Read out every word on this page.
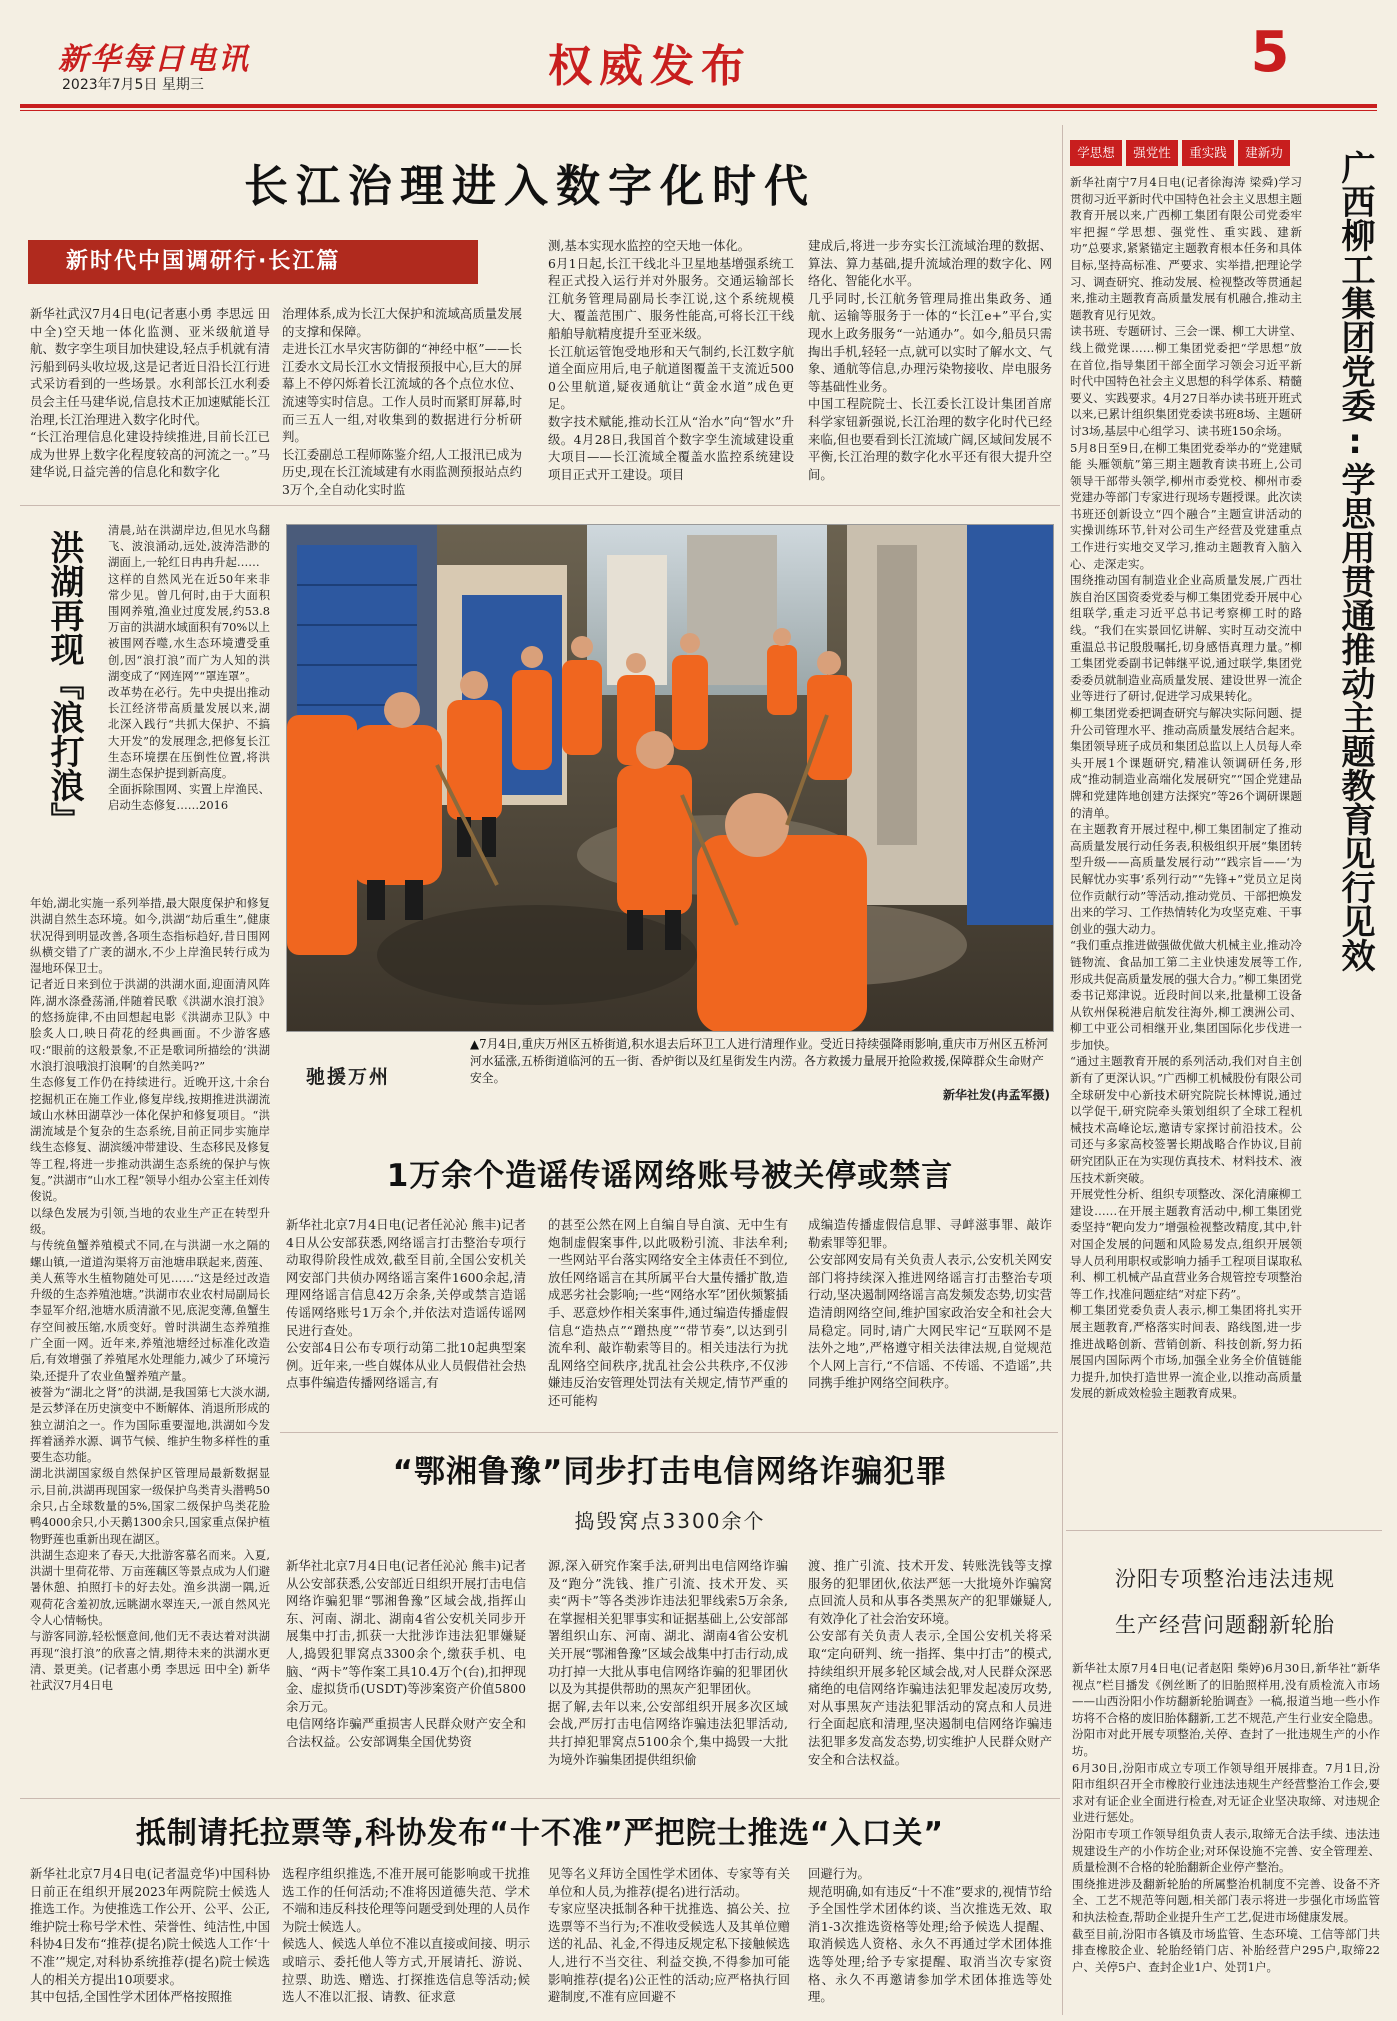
新华每日电讯
2023年7月5日 星期三	权威发布	5
长江治理进入数字化时代
新时代中国调研行·长江篇
新华社武汉7月4日电(记者惠小勇 李思远 田中全)空天地一体化监测、亚米级航道导航、数字孪生项目加快建设,轻点手机就有清污船到码头收垃圾,这是记者近日沿长江行进式采访看到的一些场景。水利部长江水利委员会主任马建华说,信息技术正加速赋能长江治理,长江治理进入数字化时代。
“长江治理信息化建设持续推进,目前长江已成为世界上数字化程度较高的河流之一。”马建华说,日益完善的信息化和数字化
治理体系,成为长江大保护和流域高质量发展的支撑和保障。
走进长江水旱灾害防御的“神经中枢”——长江委水文局长江水文情报预报中心,巨大的屏幕上不停闪烁着长江流域的各个点位水位、流速等实时信息。工作人员时而紧盯屏幕,时而三五人一组,对收集到的数据进行分析研判。
长江委副总工程师陈鉴介绍,人工报汛已成为历史,现在长江流域建有水雨监测预报站点约3万个,全自动化实时监
测,基本实现水监控的空天地一体化。
6月1日起,长江干线北斗卫星地基增强系统工程正式投入运行并对外服务。交通运输部长江航务管理局副局长李江说,这个系统规模大、覆盖范围广、服务性能高,可将长江干线船舶导航精度提升至亚米级。
长江航运管饱受地形和天气制约,长江数字航道全面应用后,电子航道图覆盖干支流近5000公里航道,疑夜通航让“黄金水道”成色更足。
数字技术赋能,推动长江从“治水”向“智水”升级。4月28日,我国首个数字孪生流域建设重大项目——长江流域全覆盖水监控系统建设项目正式开工建设。项目
建成后,将进一步夯实长江流域治理的数据、算法、算力基础,提升流域治理的数字化、网络化、智能化水平。
几乎同时,长江航务管理局推出集政务、通航、运输等服务于一体的“长江e+”平台,实现水上政务服务“一站通办”。如今,船员只需掏出手机,轻轻一点,就可以实时了解水文、气象、通航等信息,办理污染物接收、岸电服务等基础性业务。
中国工程院院士、长江委长江设计集团首席科学家钮新强说,长江治理的数字化时代已经来临,但也要看到长江流域广阔,区域间发展不平衡,长江治理的数字化水平还有很大提升空间。
洪湖再现『浪打浪』	清晨,站在洪湖岸边,但见水鸟翻飞、波浪涌动,远处,波涛浩渺的湖面上,一轮红日冉冉升起……
这样的自然风光在近50年来非常少见。曾几何时,由于大面积围网养殖,渔业过度发展,约53.8万亩的洪湖水域面积有70%以上被围网吞噬,水生态环境遭受重创,因“浪打浪”而广为人知的洪湖变成了“网连网”“罩连罩”。
改革势在必行。先中央提出推动长江经济带高质量发展以来,湖北深入践行“共抓大保护、不搞大开发”的发展理念,把修复长江生态环境摆在压倒性位置,将洪湖生态保护提到新高度。
全面拆除围网、实置上岸渔民、启动生态修复……2016
年始,湖北实施一系列举措,最大限度保护和修复洪湖自然生态环境。如今,洪湖“劫后重生”,健康状况得到明显改善,各项生态指标趋好,昔日围网纵横交错了广袤的湖水,不少上岸渔民转行成为湿地环保卫士。
记者近日来到位于洪湖的洪湖水面,迎面清风阵阵,湖水涤叠荡涌,伴随着民歌《洪湖水浪打浪》的悠扬旋律,不由回想起电影《洪湖赤卫队》中脍炙人口,映日荷花的经典画面。不少游客感叹:“眼前的这般景象,不正是歌词所描绘的‘洪湖水浪打浪哦浪打浪啊’的自然美吗?”
生态修复工作仍在持续进行。近晚开这,十余台挖掘机正在施工作业,修复岸线,按期推进洪湖流域山水林田湖草沙一体化保护和修复项目。“洪湖流域是个复杂的生态系统,目前正同步实施岸线生态修复、湖滨缓冲带建设、生态移民及修复等工程,将进一步推动洪湖生态系统的保护与恢复。”洪湖市“山水工程”领导小组办公室主任刘传俊说。
以绿色发展为引领,当地的农业生产正在转型升级。
与传统鱼蟹养殖模式不同,在与洪湖一水之隔的螺山镇,一道道沟渠将万亩池塘串联起来,茵莲、美人蕉等水生植物随处可见……“这是经过改造升级的生态养殖池塘。”洪湖市农业农村局副局长李显军介绍,池塘水质清澈不见,底泥变薄,鱼蟹生存空间被压缩,水质变好。曾时洪湖生态养殖推广全面一网。近年来,养殖池塘经过标准化改造后,有效增强了养殖尾水处理能力,减少了环境污染,还提升了农业鱼蟹养殖产量。
被誉为“湖北之肾”的洪湖,是我国第七大淡水湖,是云梦泽在历史演变中不断解体、消退所形成的独立湖泊之一。作为国际重要湿地,洪湖如今发挥着涵养水源、调节气候、维护生物多样性的重要生态功能。
湖北洪湖国家级自然保护区管理局最新数据显示,目前,洪湖再现国家一级保护鸟类青头潜鸭50余只,占全球数量的5%,国家二级保护鸟类花脸鸭4000余只,小天鹅1300余只,国家重点保护植物野莲也重新出现在湖区。
洪湖生态迎来了春天,大批游客慕名而来。入夏,洪湖十里荷花带、万亩莲藕区等景点成为人们避暑休憩、拍照打卡的好去处。渔乡洪湖一隅,近观荷花含羞初放,远眺湖水翠连天,一派自然风光令人心情畅快。
与游客同游,轻松惬意间,他们无不表达着对洪湖再现“浪打浪”的欣喜之情,期待未来的洪湖水更清、景更美。(记者惠小勇 李思远 田中全) 新华社武汉7月4日电
驰援万州
▲7月4日,重庆万州区五桥街道,积水退去后环卫工人进行清理作业。受近日持续强降雨影响,重庆市万州区五桥河河水猛涨,五桥街道临河的五一街、香炉街以及红星街发生内涝。各方救援力量展开抢险救援,保障群众生命财产安全。
新华社发(冉孟军摄)
1万余个造谣传谣网络账号被关停或禁言
新华社北京7月4日电(记者任沁沁 熊丰)记者4日从公安部获悉,网络谣言打击整治专项行动取得阶段性成效,截至目前,全国公安机关网安部门共侦办网络谣言案件1600余起,清理网络谣言信息42万余条,关停或禁言造谣传谣网络账号1万余个,并依法对造谣传谣网民进行查处。
公安部4日公布专项行动第二批10起典型案例。近年来,一些自媒体从业人员假借社会热点事件编造传播网络谣言,有
的甚至公然在网上自编自导自演、无中生有炮制虚假案事件,以此吸粉引流、非法牟利;一些网站平台落实网络安全主体责任不到位,放任网络谣言在其所属平台大量传播扩散,造成恶劣社会影响;一些“网络水军”团伙频繁插手、恶意炒作相关案事件,通过编造传播虚假信息“造热点”“蹭热度”“带节奏”,以达到引流牟利、敲诈勒索等目的。相关违法行为扰乱网络空间秩序,扰乱社会公共秩序,不仅涉嫌违反治安管理处罚法有关规定,情节严重的还可能构
成编造传播虚假信息罪、寻衅滋事罪、敲诈勒索罪等犯罪。
公安部网安局有关负责人表示,公安机关网安部门将持续深入推进网络谣言打击整治专项行动,坚决遏制网络谣言高发频发态势,切实营造清朗网络空间,维护国家政治安全和社会大局稳定。同时,请广大网民牢记“互联网不是法外之地”,严格遵守相关法律法规,自觉规范个人网上言行,“不信谣、不传谣、不造谣”,共同携手维护网络空间秩序。
“鄂湘鲁豫”同步打击电信网络诈骗犯罪
捣毁窝点3300余个
新华社北京7月4日电(记者任沁沁 熊丰)记者从公安部获悉,公安部近日组织开展打击电信网络诈骗犯罪“鄂湘鲁豫”区域会战,指挥山东、河南、湖北、湖南4省公安机关同步开展集中打击,抓获一大批涉诈违法犯罪嫌疑人,捣毁犯罪窝点3300余个,缴获手机、电脑、“两卡”等作案工具10.4万个(台),扣押现金、虚拟货币(USDT)等涉案资产价值5800余万元。
电信网络诈骗严重损害人民群众财产安全和合法权益。公安部调集全国优势资
源,深入研究作案手法,研判出电信网络诈骗及“跑分”洗钱、推广引流、技术开发、买卖“两卡”等各类涉诈违法犯罪线索5万余条,在掌握相关犯罪事实和证据基础上,公安部部署组织山东、河南、湖北、湖南4省公安机关开展“鄂湘鲁豫”区域会战集中打击行动,成功打掉一大批从事电信网络诈骗的犯罪团伙以及为其提供帮助的黑灰产犯罪团伙。
据了解,去年以来,公安部组织开展多次区域会战,严厉打击电信网络诈骗违法犯罪活动,共打掉犯罪窝点5100余个,集中捣毁一大批为境外诈骗集团提供组织偷
渡、推广引流、技术开发、转账洗钱等支撑服务的犯罪团伙,依法严惩一大批境外诈骗窝点回流人员和从事各类黑灰产的犯罪嫌疑人,有效净化了社会治安环境。
公安部有关负责人表示,全国公安机关将采取“定向研判、统一指挥、集中打击”的模式,持续组织开展多轮区域会战,对人民群众深恶痛绝的电信网络诈骗违法犯罪发起凌厉攻势,对从事黑灰产违法犯罪活动的窝点和人员进行全面起底和清理,坚决遏制电信网络诈骗违法犯罪多发高发态势,切实维护人民群众财产安全和合法权益。
抵制请托拉票等,科协发布“十不准”严把院士推选“入口关”
新华社北京7月4日电(记者温竞华)中国科协日前正在组织开展2023年两院院士候选人推选工作。为使推选工作公开、公平、公正,维护院士称号学术性、荣誉性、纯洁性,中国科协4日发布“推荐(提名)院士候选人工作‘十不准’”规定,对科协系统推荐(提名)院士候选人的相关方提出10项要求。
其中包括,全国性学术团体严格按照推
选程序组织推选,不准开展可能影响或干扰推选工作的任何活动;不准将因道德失范、学术不端和违反科技伦理等问题受到处理的人员作为院士候选人。
候选人、候选人单位不准以直接或间接、明示或暗示、委托他人等方式,开展请托、游说、拉票、助选、赠选、打探推选信息等活动;候选人不准以汇报、请教、征求意
见等名义拜访全国性学术团体、专家等有关单位和人员,为推荐(提名)进行活动。
专家应坚决抵制各种干扰推选、搞公关、拉选票等不当行为;不准收受候选人及其单位赠送的礼品、礼金,不得违反规定私下接触候选人,进行不当交往、利益交换,不得参加可能影响推荐(提名)公正性的活动;应严格执行回避制度,不准有应回避不
回避行为。
规范明确,如有违反“十不准”要求的,视情节给予全国性学术团体约谈、当次推选无效、取消1-3次推选资格等处理;给予候选人提醒、取消候选人资格、永久不再通过学术团体推选等处理;给予专家提醒、取消当次专家资格、永久不再邀请参加学术团体推选等处理。
学思想	强党性	重实践	建新功	广西柳工集团党委:学思用贯通推动主题教育见行见效
新华社南宁7月4日电(记者徐海涛 梁舜)学习贯彻习近平新时代中国特色社会主义思想主题教育开展以来,广西柳工集团有限公司党委牢牢把握“学思想、强党性、重实践、建新功”总要求,紧紧锚定主题教育根本任务和具体目标,坚持高标准、严要求、实举措,把理论学习、调查研究、推动发展、检视整改等贯通起来,推动主题教育高质量发展有机融合,推动主题教育见行见效。
读书班、专题研讨、三会一课、柳工大讲堂、线上微党课……柳工集团党委把“学思想”放在首位,指导集团干部全面学习领会习近平新时代中国特色社会主义思想的科学体系、精髓要义、实践要求。4月27日举办读书班开班式以来,已累计组织集团党委读书班8场、主题研讨3场,基层中心组学习、读书班150余场。
5月8日至9日,在柳工集团党委举办的“党建赋能 头雁领航”第三期主题教育读书班上,公司领导干部带头领学,柳州市委党校、柳州市委党建办等部门专家进行现场专题授课。此次读书班还创新设立“四个融合”主题宣讲活动的实操训练环节,针对公司生产经营及党建重点工作进行实地交叉学习,推动主题教育入脑入心、走深走实。
围绕推动国有制造业企业高质量发展,广西壮族自治区国资委党委与柳工集团党委开展中心组联学,重走习近平总书记考察柳工时的路线。“我们在实景回忆讲解、实时互动交流中重温总书记殷殷嘱托,切身感悟真理力量。”柳工集团党委副书记韩继平说,通过联学,集团党委委员就制造业高质量发展、建设世界一流企业等进行了研讨,促进学习成果转化。
柳工集团党委把调查研究与解决实际问题、提升公司管理水平、推动高质量发展结合起来。集团领导班子成员和集团总监以上人员每人牵头开展1个课题研究,精准认领调研任务,形成“推动制造业高端化发展研究”“国企党建品牌和党建阵地创建方法探究”等26个调研课题的清单。
在主题教育开展过程中,柳工集团制定了推动高质量发展行动任务表,积极组织开展“集团转型升级——高质量发展行动”“践宗旨——‘为民解忧办实事’系列行动”“先锋+”党员立足岗位作贡献行动”等活动,推动党员、干部把焕发出来的学习、工作热情转化为攻坚克难、干事创业的强大动力。
“我们重点推进做强做优做大机械主业,推动冷链物流、食品加工第二主业快速发展等工作,形成共促高质量发展的强大合力。”柳工集团党委书记郑津说。近段时间以来,批量柳工设备从钦州保税港启航发往海外,柳工澳洲公司、柳工中亚公司相继开业,集团国际化步伐进一步加快。
“通过主题教育开展的系列活动,我们对自主创新有了更深认识。”广西柳工机械股份有限公司全球研发中心新技术研究院院长林博说,通过以学促干,研究院牵头策划组织了全球工程机械技术高峰论坛,邀请专家探讨前沿技术。公司还与多家高校签署长期战略合作协议,目前研究团队正在为实现仿真技术、材料技术、液压技术新突破。
开展党性分析、组织专项整改、深化清廉柳工建设……在开展主题教育活动中,柳工集团党委坚持“靶向发力”增强检视整改精度,其中,针对国企发展的问题和风险易发点,组织开展领导人员利用职权或影响力插手工程项目谋取私利、柳工机械产品直营业务合规管控专项整治等工作,找准问题症结“对症下药”。
柳工集团党委负责人表示,柳工集团将扎实开展主题教育,严格落实时间表、路线图,进一步推进战略创新、营销创新、科技创新,努力拓展国内国际两个市场,加强全业务全价值链能力提升,加快打造世界一流企业,以推动高质量发展的新成效检验主题教育成果。
汾阳专项整治违法违规
生产经营问题翻新轮胎
新华社太原7月4日电(记者赵阳 柴婷)6月30日,新华社“新华视点”栏目播发《例丝断了的旧胎照样用,没有质检流入市场——山西汾阳小作坊翻新轮胎调查》一稿,报道当地一些小作坊将不合格的废旧胎体翻新,工艺不规范,产生行业安全隐患。汾阳市对此开展专项整治,关停、查封了一批违规生产的小作坊。
6月30日,汾阳市成立专项工作领导组开展排查。7月1日,汾阳市组织召开全市橡胶行业违法违规生产经营整治工作会,要求对有证企业全面进行检查,对无证企业坚决取缔、对违规企业进行惩处。
汾阳市专项工作领导组负责人表示,取缔无合法手续、违法违规建设生产的小作坊企业;对环保设施不完善、安全管理差、质量检测不合格的轮胎翻新企业停产整治。
围绕推进涉及翻新轮胎的所属整治机制度不完善、设备不齐全、工艺不规范等问题,相关部门表示将进一步强化市场监管和执法检查,帮助企业提升生产工艺,促进市场健康发展。
截至目前,汾阳市各镇及市场监管、生态环境、工信等部门共排查橡胶企业、轮胎经销门店、补胎经营户295户,取缔22户、关停5户、查封企业1户、处罚1户。
